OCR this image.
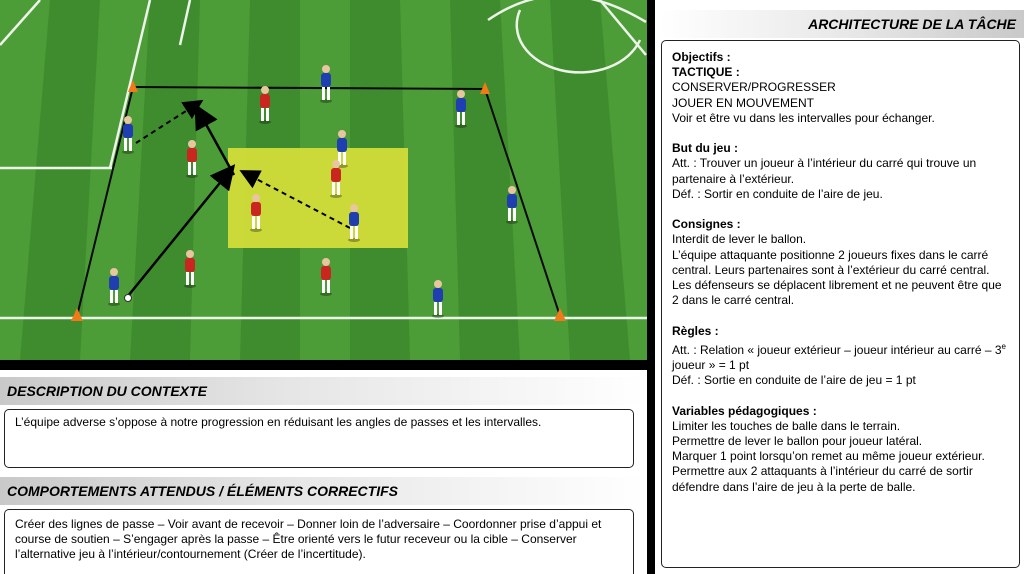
ARCHITECTURE DE LA TÂCHE

Objectifs :

TACTIQUE :

CONSERVER/PROGRESSER

JOUER EN MOUVEMENT

Voir et être vu dans les intervalles pour échanger.

But du jeu :

Att. : Trouver un joueur à l’intérieur du carré qui trouve un partenaire à l’extérieur.

Déf. : Sortir en conduite de l’aire de jeu.

Consignes :

Interdit de lever le ballon.

L’équipe attaquante positionne 2 joueurs fixes dans le carré central. Leurs partenaires sont à l’extérieur du carré central.

Les défenseurs se déplacent librement et ne peuvent être que 2 dans le carré central.

Règles :

Att. : Relation « joueur extérieur – joueur intérieur au carré – 3e joueur » = 1 pt

Déf. : Sortie en conduite de l’aire de jeu = 1 pt

Variables pédagogiques :

Limiter les touches de balle dans le terrain.

Permettre de lever le ballon pour joueur latéral.

Marquer 1 point lorsqu’on remet au même joueur extérieur.

Permettre aux 2 attaquants à l’intérieur du carré de sortir défendre dans l’aire de jeu à la perte de balle.

DESCRIPTION DU CONTEXTE

L’équipe adverse s’oppose à notre progression en réduisant les angles de passes et les intervalles.

COMPORTEMENTS ATTENDUS / ÉLÉMENTS CORRECTIFS

Créer des lignes de passe – Voir avant de recevoir – Donner loin de l’adversaire – Coordonner prise d’appui et course de soutien – S’engager après la passe – Être orienté vers le futur receveur ou la cible – Conserver l’alternative jeu à l’intérieur/contournement (Créer de l’incertitude).
